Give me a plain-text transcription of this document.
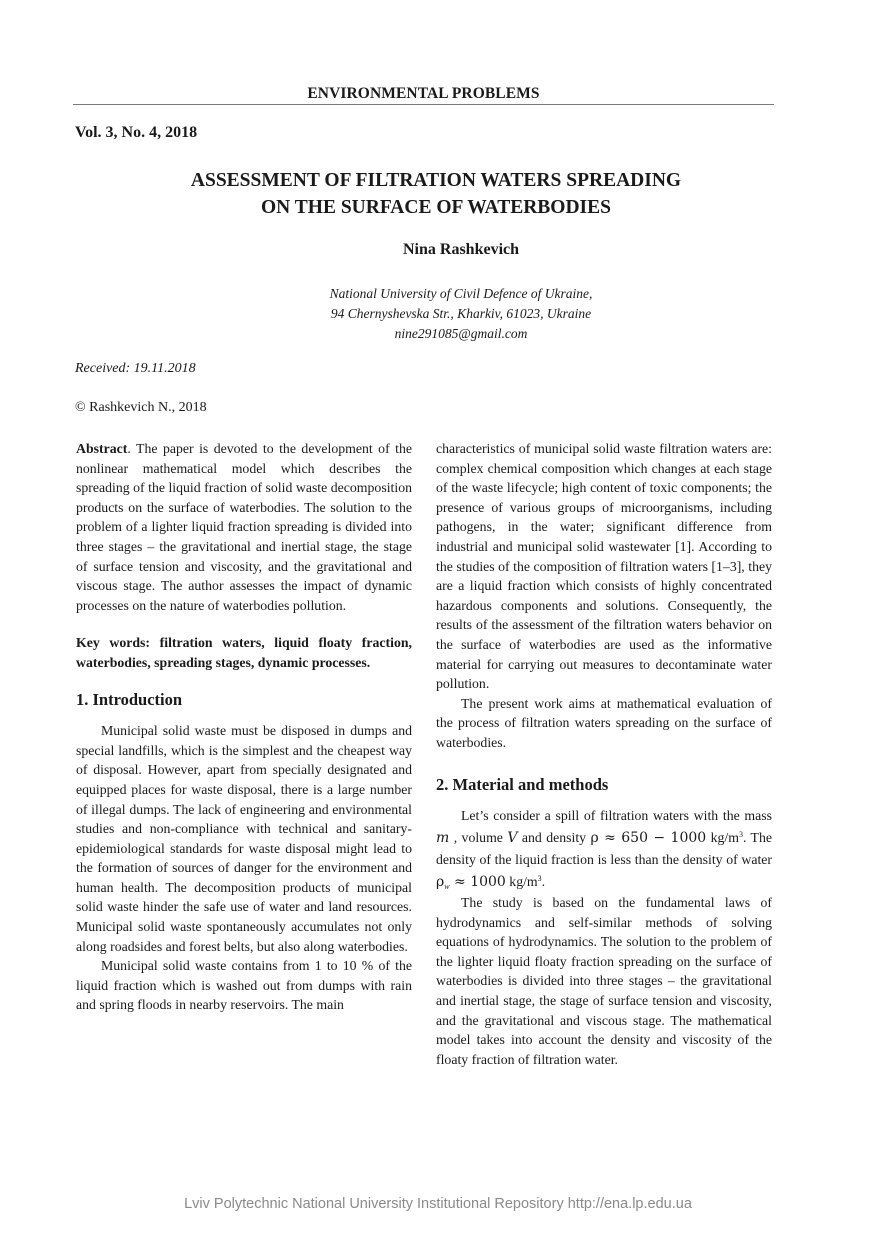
ENVIRONMENTAL PROBLEMS
Vol. 3, No. 4, 2018
ASSESSMENT OF FILTRATION WATERS SPREADING
ON THE SURFACE OF WATERBODIES
Nina Rashkevich
National University of Civil Defence of Ukraine,
94 Chernyshevska Str., Kharkiv, 61023, Ukraine
nine291085@gmail.com
Received: 19.11.2018
© Rashkevich N., 2018

Abstract. The paper is devoted to the development of the nonlinear mathematical model which describes the spreading of the liquid fraction of solid waste decomposition products on the surface of waterbodies. The solution to the problem of a lighter liquid fraction spreading is divided into three stages – the gravitational and inertial stage, the stage of surface tension and viscosity, and the gravitational and viscous stage. The author assesses the impact of dynamic processes on the nature of waterbodies pollution.

Key words: filtration waters, liquid floaty fraction, waterbodies, spreading stages, dynamic processes.

1. Introduction

Municipal solid waste must be disposed in dumps and special landfills, which is the simplest and the cheapest way of disposal. However, apart from specially designated and equipped places for waste disposal, there is a large number of illegal dumps. The lack of engineering and environmental studies and non-compliance with technical and sanitary-epidemiological standards for waste disposal might lead to the formation of sources of danger for the environment and human health. The decomposition products of municipal solid waste hinder the safe use of water and land resources. Municipal solid waste spontaneously accumulates not only along roadsides and forest belts, but also along waterbodies.

Municipal solid waste contains from 1 to 10 % of the liquid fraction which is washed out from dumps with rain and spring floods in nearby reservoirs. The main

characteristics of municipal solid waste filtration waters are: complex chemical composition which changes at each stage of the waste lifecycle; high content of toxic components; the presence of various groups of microorganisms, including pathogens, in the water; significant difference from industrial and municipal solid wastewater [1]. According to the studies of the composition of filtration waters [1–3], they are a liquid fraction which consists of highly concentrated hazardous components and solutions. Consequently, the results of the assessment of the filtration waters behavior on the surface of waterbodies are used as the informative material for carrying out measures to decontaminate water pollution.

The present work aims at mathematical evaluation of the process of filtration waters spreading on the surface of waterbodies.

2. Material and methods

Let’s consider a spill of filtration waters with the mass m , volume V and density ρ ≈ 650 − 1000 $kg/m^3$. The density of the liquid fraction is less than the density of water $\rho_w \approx 1000$ $kg/m^3$.

The study is based on the fundamental laws of hydrodynamics and self-similar methods of solving equations of hydrodynamics. The solution to the problem of the lighter liquid floaty fraction spreading on the surface of waterbodies is divided into three stages – the gravitational and inertial stage, the stage of surface tension and viscosity, and the gravitational and viscous stage. The mathematical model takes into account the density and viscosity of the floaty fraction of filtration water.

Lviv Polytechnic National University Institutional Repository http://ena.lp.edu.ua
